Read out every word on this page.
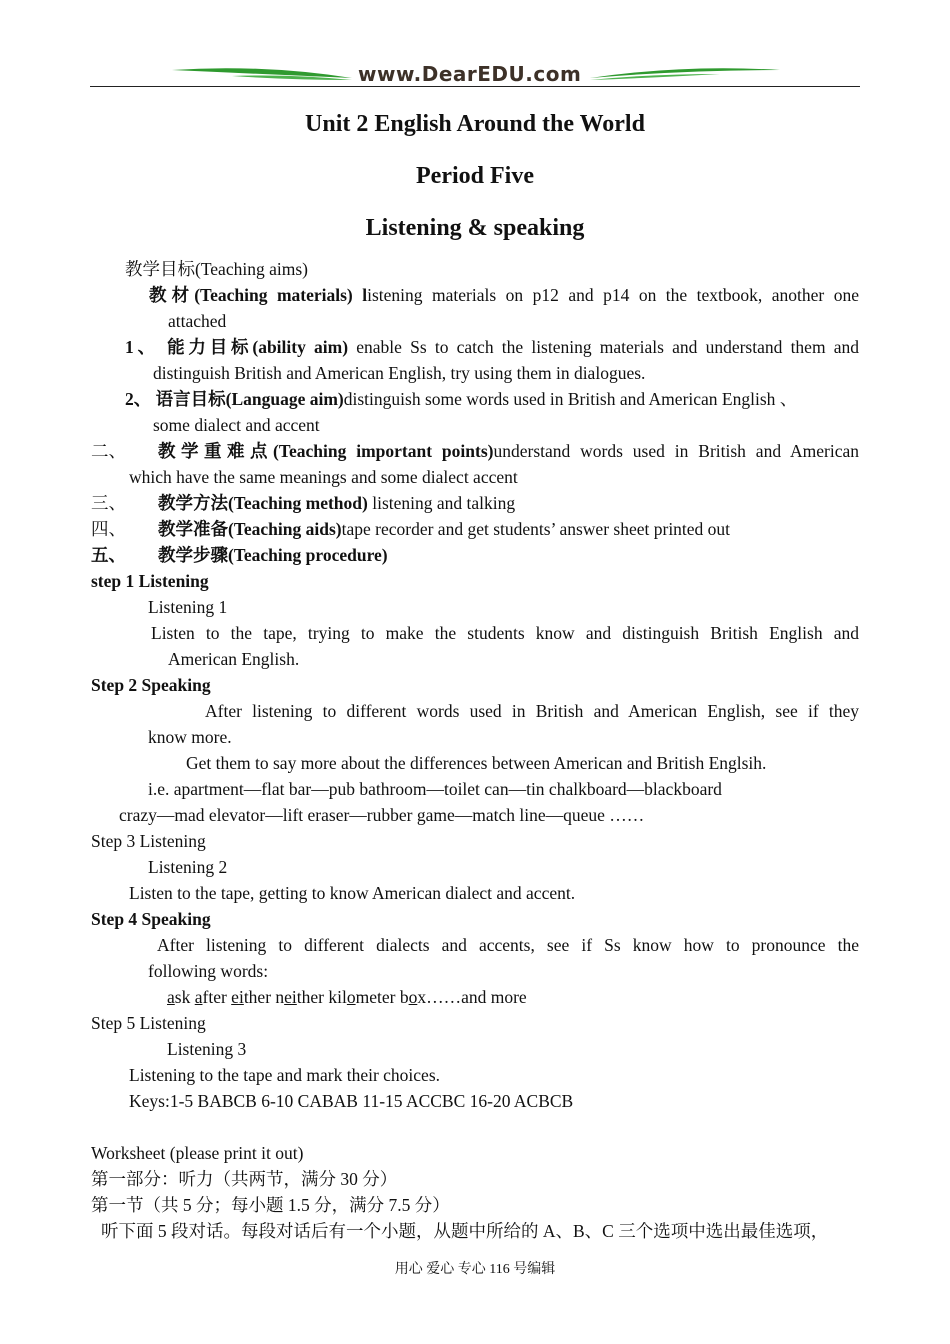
www.DearEDU.com
Unit 2 English Around the World
Period Five
Listening & speaking
教学目标(Teaching aims)
教材(Teaching materials) listening materials on p12 and p14 on the textbook, another one
attached
1、 能力目标(ability aim) enable Ss to catch the listening materials and understand them and
distinguish British and American English, try using them in dialogues.
2、 语言目标(Language aim)distinguish some words used in British and American English 、
some dialect and accent
二、 教学重难点(Teaching important points)understand words used in British and American
which have the same meanings and some dialect accent
三、 教学方法(Teaching method) listening and talking
四、 教学准备(Teaching aids)tape recorder and get students’ answer sheet printed out
五、 教学步骤(Teaching procedure)
step 1 Listening
Listening 1
Listen to the tape, trying to make the students know and distinguish British English and
American English.
Step 2 Speaking
After listening to different words used in British and American English, see if they
know more.
Get them to say more about the differences between American and British Englsih.
i.e. apartment—flat bar—pub bathroom—toilet can—tin chalkboard—blackboard
crazy—mad elevator—lift eraser—rubber game—match line—queue ……
Step 3 Listening
Listening 2
Listen to the tape, getting to know American dialect and accent.
Step 4 Speaking
After listening to different dialects and accents, see if Ss know how to pronounce the
following words:
ask after either neither kilometer box……and more
Step 5 Listening
Listening 3
Listening to the tape and mark their choices.
Keys:1-5 BABCB 6-10 CABAB 11-15 ACCBC 16-20 ACBCB
Worksheet (please print it out)
第一部分：听力（共两节，满分 30 分）
第一节（共 5 分；每小题 1.5 分，满分 7.5 分）
听下面 5 段对话。每段对话后有一个小题，从题中所给的 A、B、C 三个选项中选出最佳选项，
用心 爱心 专心 116 号编辑
